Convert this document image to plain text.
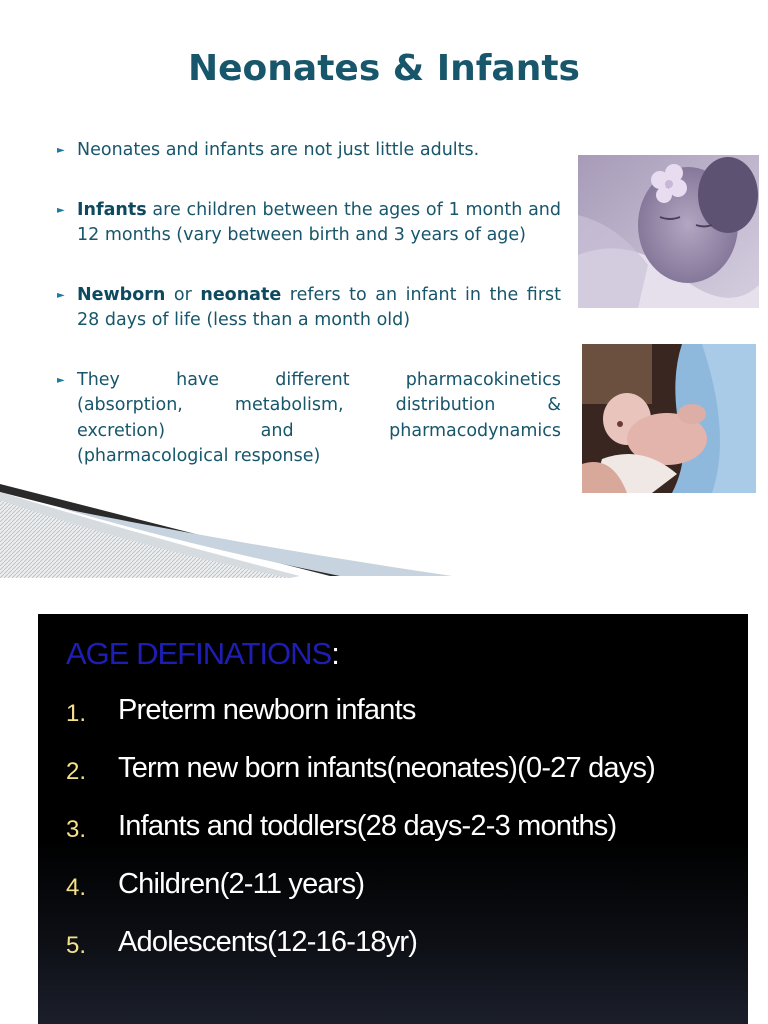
Neonates & Infants
► Neonates and infants are not just little adults.
► Infants are children between the ages of 1 month and 12 months (vary between birth and 3 years of age)
► Newborn or neonate refers to an infant in the first 28 days of life (less than a month old)
► They have different pharmacokinetics
(absorption, metabolism, distribution &
excretion) and pharmacodynamics
(pharmacological response)
AGE DEFINATIONS:
1.	Preterm newborn infants
2.	Term new born infants(neonates)(0-27 days)
3.	Infants and toddlers(28 days-2-3 months)
4.	Children(2-11 years)
5.	Adolescents(12-16-18yr)
